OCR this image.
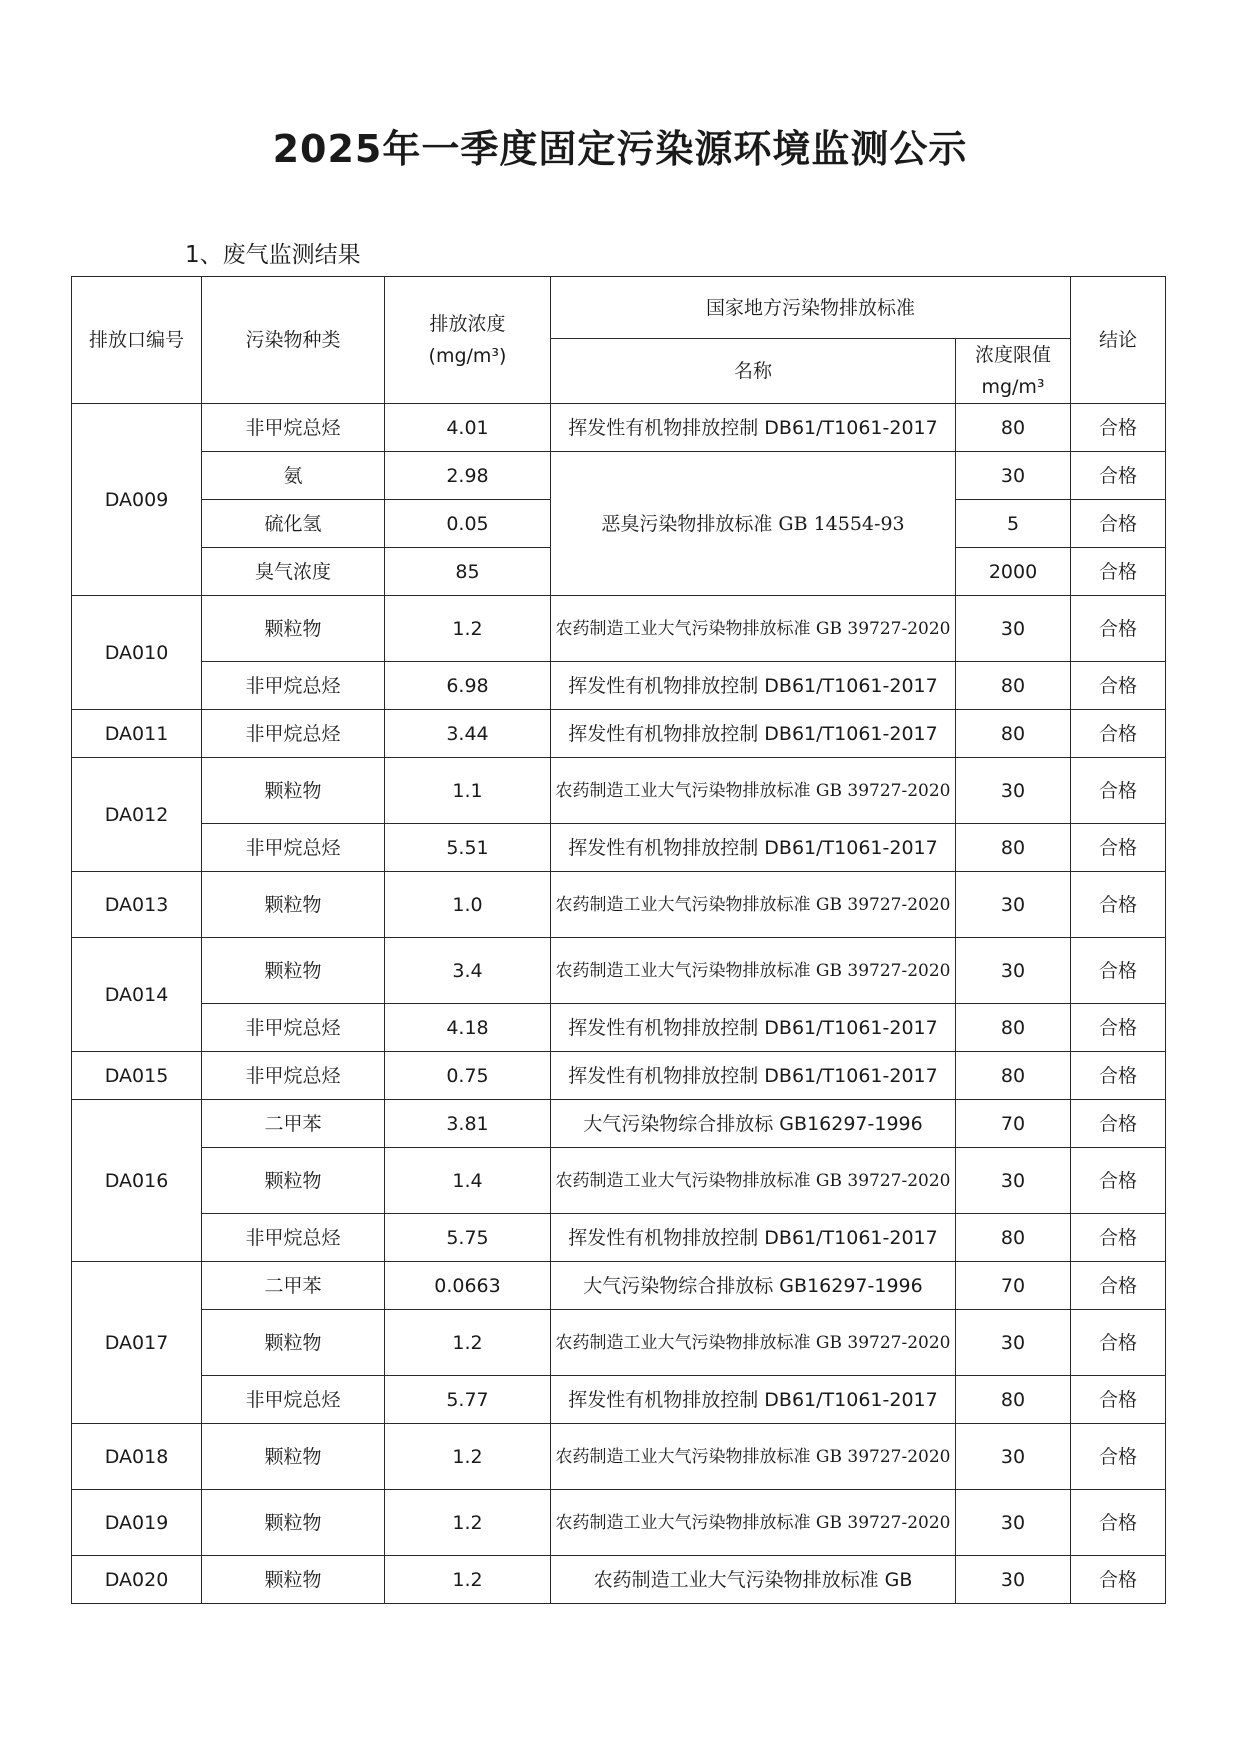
2025年一季度固定污染源环境监测公示
1、废气监测结果
排放口编号	污染物种类	排放浓度
(mg/m³)	国家地方污染物排放标准		结论
			名称	浓度限值
mg/m³	

DA009	非甲烷总烃	4.01	挥发性有机物排放控制 DB61/T1061-2017	80	合格
	氨	2.98	恶臭污染物排放标准 GB 14554-93	30	合格
	硫化氢	0.05		5	合格
	臭气浓度	85		2000	合格
DA010	颗粒物	1.2	农药制造工业大气污染物排放标准 GB 39727-2020	30	合格
	非甲烷总烃	6.98	挥发性有机物排放控制 DB61/T1061-2017	80	合格
DA011	非甲烷总烃	3.44	挥发性有机物排放控制 DB61/T1061-2017	80	合格
DA012	颗粒物	1.1	农药制造工业大气污染物排放标准 GB 39727-2020	30	合格
	非甲烷总烃	5.51	挥发性有机物排放控制 DB61/T1061-2017	80	合格
DA013	颗粒物	1.0	农药制造工业大气污染物排放标准 GB 39727-2020	30	合格
DA014	颗粒物	3.4	农药制造工业大气污染物排放标准 GB 39727-2020	30	合格
	非甲烷总烃	4.18	挥发性有机物排放控制 DB61/T1061-2017	80	合格
DA015	非甲烷总烃	0.75	挥发性有机物排放控制 DB61/T1061-2017	80	合格
DA016	二甲苯	3.81	大气污染物综合排放标 GB16297-1996	70	合格
	颗粒物	1.4	农药制造工业大气污染物排放标准 GB 39727-2020	30	合格
	非甲烷总烃	5.75	挥发性有机物排放控制 DB61/T1061-2017	80	合格
DA017	二甲苯	0.0663	大气污染物综合排放标 GB16297-1996	70	合格
	颗粒物	1.2	农药制造工业大气污染物排放标准 GB 39727-2020	30	合格
	非甲烷总烃	5.77	挥发性有机物排放控制 DB61/T1061-2017	80	合格
DA018	颗粒物	1.2	农药制造工业大气污染物排放标准 GB 39727-2020	30	合格
DA019	颗粒物	1.2	农药制造工业大气污染物排放标准 GB 39727-2020	30	合格
DA020	颗粒物	1.2	农药制造工业大气污染物排放标准 GB	30	合格
